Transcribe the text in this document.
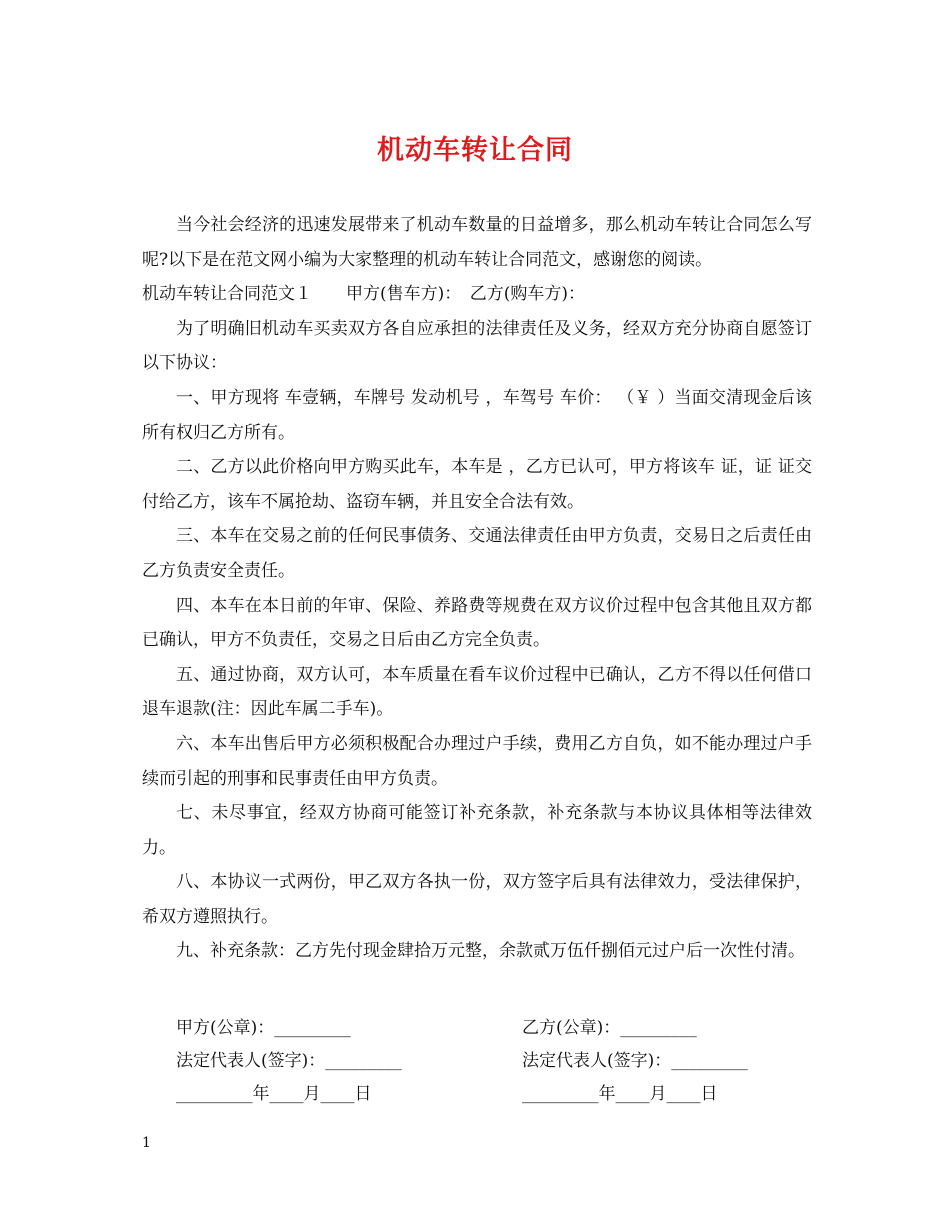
机动车转让合同

当今社会经济的迅速发展带来了机动车数量的日益增多，那么机动车转让合同怎么写呢?以下是在范文网小编为大家整理的机动车转让合同范文，感谢您的阅读。

机动车转让合同范文１　　甲方(售车方)：　乙方(购车方)：

为了明确旧机动车买卖双方各自应承担的法律责任及义务，经双方充分协商自愿签订以下协议：

一、甲方现将 车壹辆，车牌号 发动机号 ，车驾号 车价： （￥ ）当面交清现金后该所有权归乙方所有。

二、乙方以此价格向甲方购买此车，本车是 ，乙方已认可，甲方将该车 证，证 证交付给乙方，该车不属抢劫、盗窃车辆，并且安全合法有效。

三、本车在交易之前的任何民事债务、交通法律责任由甲方负责，交易日之后责任由乙方负责安全责任。

四、本车在本日前的年审、保险、养路费等规费在双方议价过程中包含其他且双方都已确认，甲方不负责任，交易之日后由乙方完全负责。

五、通过协商，双方认可，本车质量在看车议价过程中已确认，乙方不得以任何借口退车退款(注：因此车属二手车)。

六、本车出售后甲方必须积极配合办理过户手续，费用乙方自负，如不能办理过户手续而引起的刑事和民事责任由甲方负责。

七、未尽事宜，经双方协商可能签订补充条款，补充条款与本协议具体相等法律效力。

八、本协议一式两份，甲乙双方各执一份，双方签字后具有法律效力，受法律保护，希双方遵照执行。

九、补充条款：乙方先付现金肆拾万元整，余款贰万伍仟捌佰元过户后一次性付清。

甲方(公章)：_________	乙方(公章)：_________
法定代表人(签字)：_________	法定代表人(签字)：_________
_________年____月____日	_________年____月____日
1
